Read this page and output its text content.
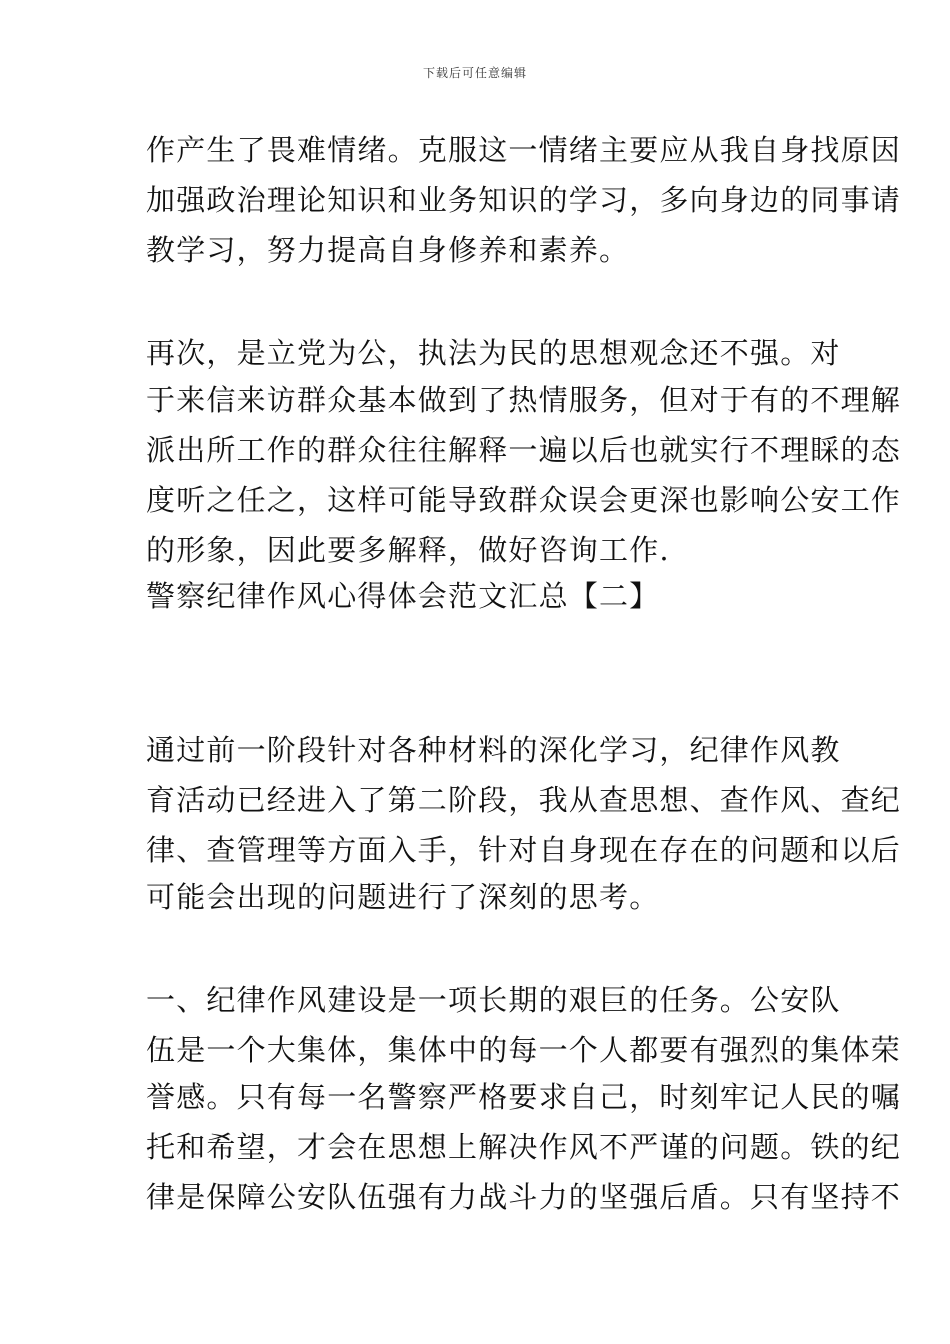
下载后可任意编辑
作产生了畏难情绪。克服这一情绪主要应从我自身找原因
加强政治理论知识和业务知识的学习，多向身边的同事请
教学习，努力提高自身修养和素养。
再次，是立党为公，执法为民的思想观念还不强。对
于来信来访群众基本做到了热情服务，但对于有的不理解
派出所工作的群众往往解释一遍以后也就实行不理睬的态
度听之任之，这样可能导致群众误会更深也影响公安工作
的形象，因此要多解释，做好咨询工作.
警察纪律作风心得体会范文汇总【二】
通过前一阶段针对各种材料的深化学习，纪律作风教
育活动已经进入了第二阶段，我从查思想、查作风、查纪
律、查管理等方面入手，针对自身现在存在的问题和以后
可能会出现的问题进行了深刻的思考。
一、纪律作风建设是一项长期的艰巨的任务。公安队
伍是一个大集体，集体中的每一个人都要有强烈的集体荣
誉感。只有每一名警察严格要求自己，时刻牢记人民的嘱
托和希望，才会在思想上解决作风不严谨的问题。铁的纪
律是保障公安队伍强有力战斗力的坚强后盾。只有坚持不
